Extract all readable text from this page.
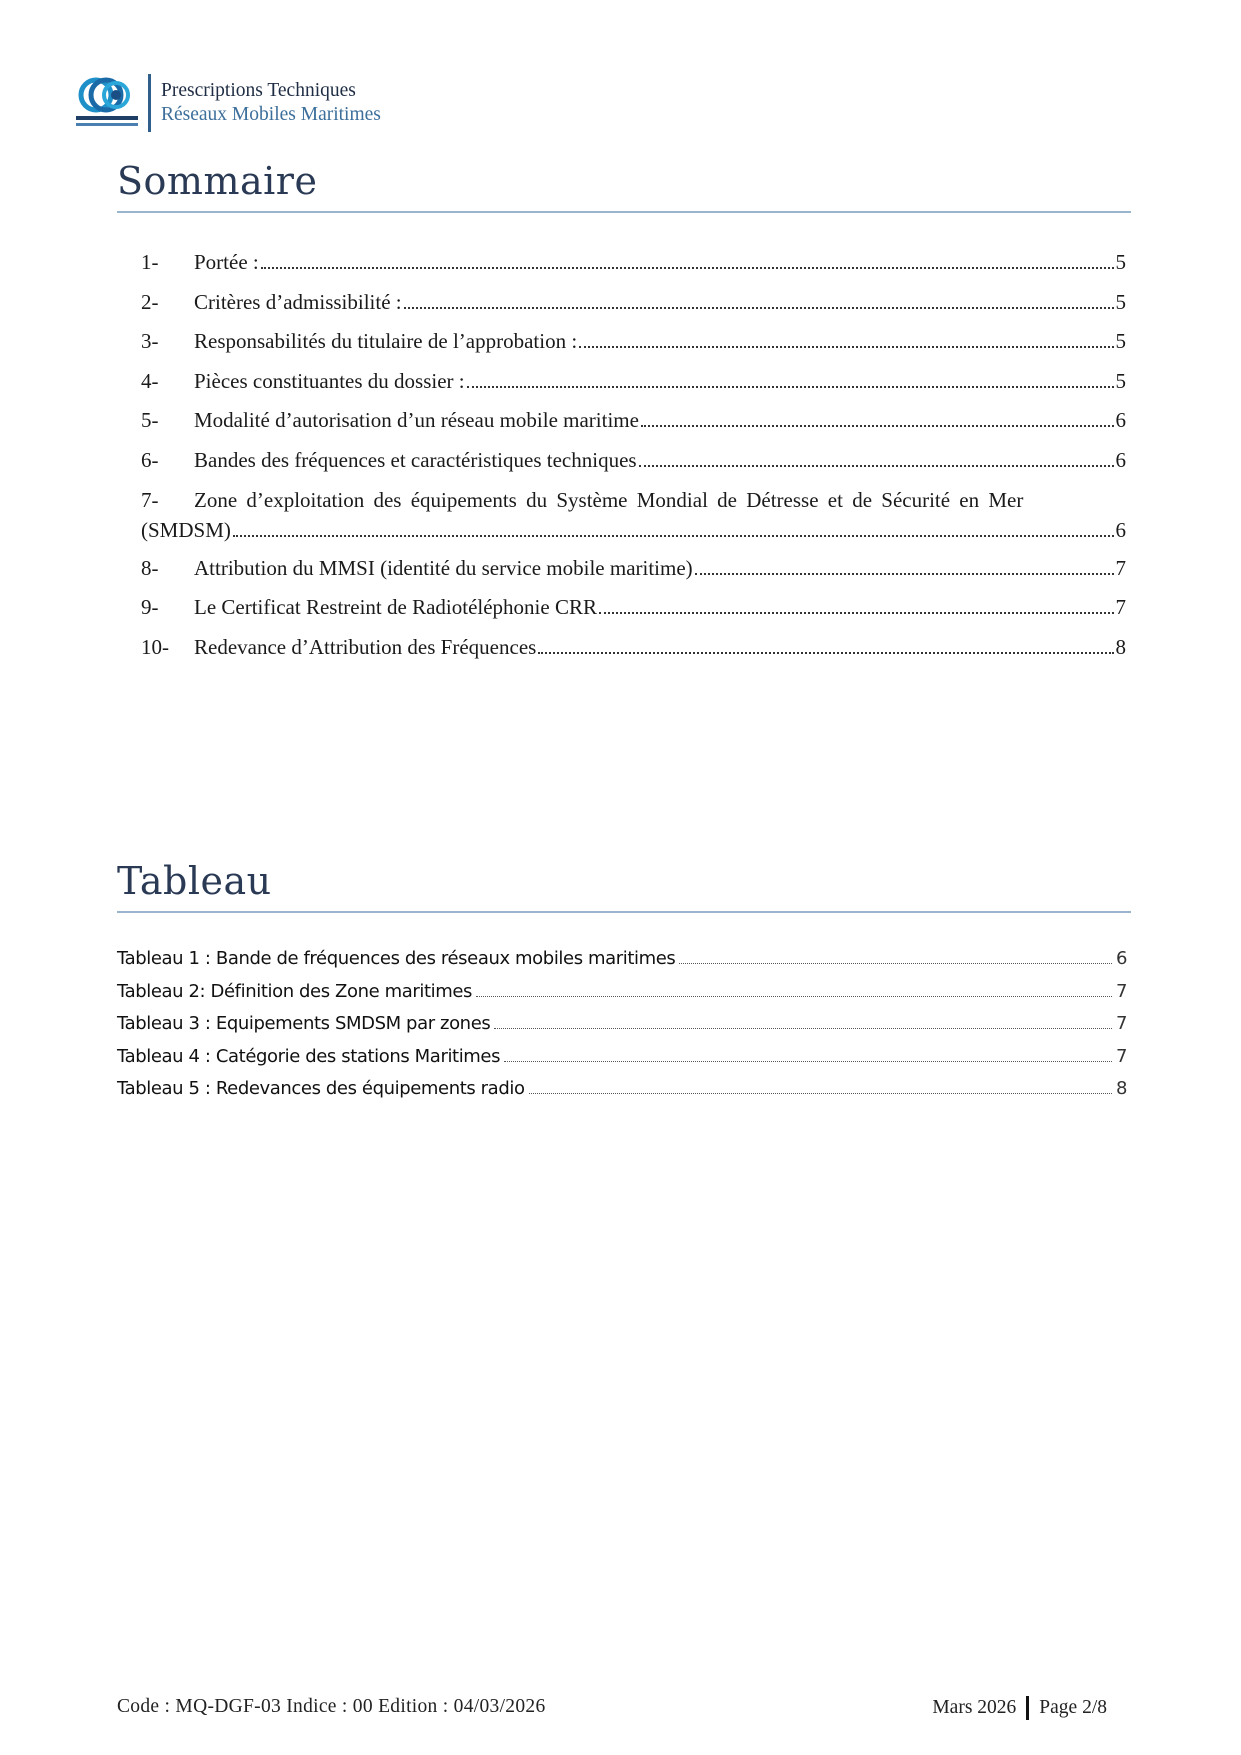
Prescriptions Techniques
Réseaux Mobiles Maritimes
Sommaire
1-	Portée :	5
2-	Critères d’admissibilité :	5
3-	Responsabilités du titulaire de l’approbation :	5
4-	Pièces constituantes du dossier :	5
5-	Modalité d’autorisation d’un réseau mobile maritime	6
6-	Bandes des fréquences et caractéristiques techniques	6
7-	Zone d’exploitation des équipements du Système Mondial de Détresse et de Sécurité en Mer
(SMDSM)	6
8-	Attribution du MMSI (identité du service mobile maritime)	7
9-	Le Certificat Restreint de Radiotéléphonie CRR	7
10-	Redevance d’Attribution des Fréquences	8
Tableau
Tableau 1 : Bande de fréquences des réseaux mobiles maritimes	6
Tableau 2: Définition des Zone maritimes	7
Tableau 3 : Equipements SMDSM par zones	7
Tableau 4 : Catégorie des stations Maritimes	7
Tableau 5 : Redevances des équipements radio	8
Code : MQ-DGF-03 Indice : 00 Edition : 04/03/2026	Mars 2026 Page 2/8
